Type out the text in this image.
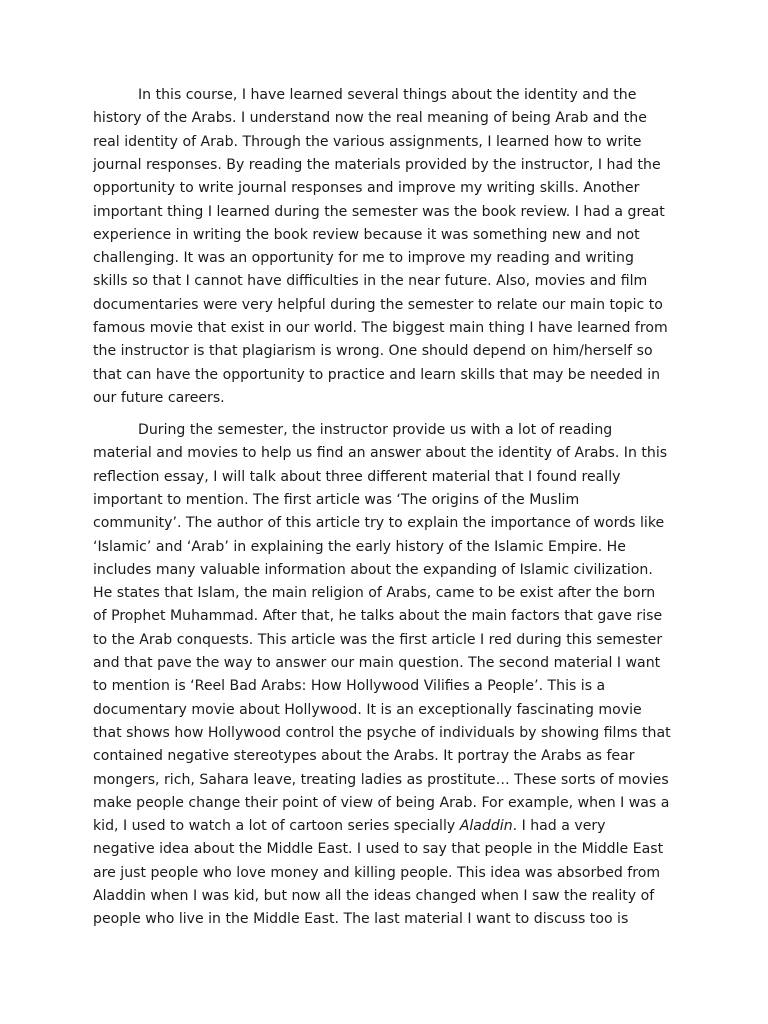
In this course, I have learned several things about the identity and the
history of the Arabs. I understand now the real meaning of being Arab and the
real identity of Arab. Through the various assignments, I learned how to write
journal responses. By reading the materials provided by the instructor, I had the
opportunity to write journal responses and improve my writing skills. Another
important thing I learned during the semester was the book review. I had a great
experience in writing the book review because it was something new and not
challenging. It was an opportunity for me to improve my reading and writing
skills so that I cannot have difficulties in the near future. Also, movies and film
documentaries were very helpful during the semester to relate our main topic to
famous movie that exist in our world. The biggest main thing I have learned from
the instructor is that plagiarism is wrong. One should depend on him/herself so
that can have the opportunity to practice and learn skills that may be needed in
our future careers.
During the semester, the instructor provide us with a lot of reading
material and movies to help us find an answer about the identity of Arabs. In this
reflection essay, I will talk about three different material that I found really
important to mention. The first article was ‘The origins of the Muslim
community’. The author of this article try to explain the importance of words like
‘Islamic’ and ‘Arab’ in explaining the early history of the Islamic Empire. He
includes many valuable information about the expanding of Islamic civilization.
He states that Islam, the main religion of Arabs, came to be exist after the born
of Prophet Muhammad. After that, he talks about the main factors that gave rise
to the Arab conquests. This article was the first article I red during this semester
and that pave the way to answer our main question. The second material I want
to mention is ‘Reel Bad Arabs: How Hollywood Vilifies a People’. This is a
documentary movie about Hollywood. It is an exceptionally fascinating movie
that shows how Hollywood control the psyche of individuals by showing films that
contained negative stereotypes about the Arabs. It portray the Arabs as fear
mongers, rich, Sahara leave, treating ladies as prostitute… These sorts of movies
make people change their point of view of being Arab. For example, when I was a
kid, I used to watch a lot of cartoon series specially Aladdin. I had a very
negative idea about the Middle East. I used to say that people in the Middle East
are just people who love money and killing people. This idea was absorbed from
Aladdin when I was kid, but now all the ideas changed when I saw the reality of
people who live in the Middle East. The last material I want to discuss too is
